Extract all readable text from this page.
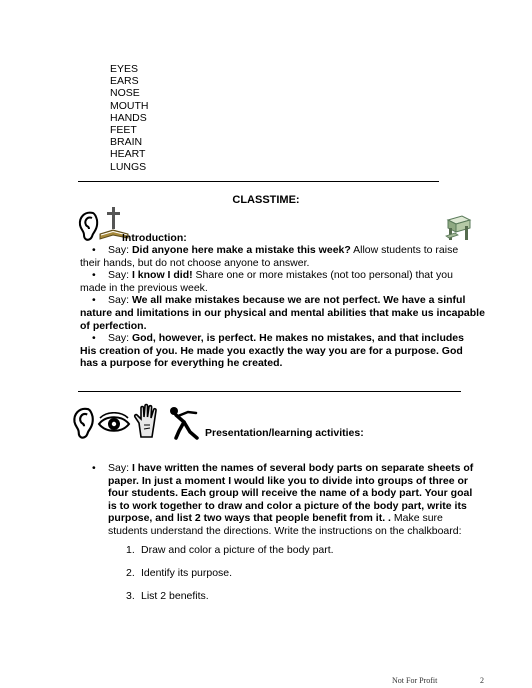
EYES
EARS
NOSE
MOUTH
HANDS
FEET
BRAIN
HEART
LUNGS
CLASSTIME:
Introduction:
• Say: Did anyone here make a mistake this week? Allow students to raise
their hands, but do not choose anyone to answer.
• Say: I know I did! Share one or more mistakes (not too personal) that you
made in the previous week.
• Say: We all make mistakes because we are not perfect. We have a sinful
nature and limitations in our physical and mental abilities that make us incapable
of perfection.
• Say: God, however, is perfect. He makes no mistakes, and that includes
His creation of you. He made you exactly the way you are for a purpose. God
has a purpose for everything he created.
Presentation/learning activities:
•	Say: I have written the names of several body parts on separate sheets of
paper. In just a moment I would like you to divide into groups of three or
four students. Each group will receive the name of a body part. Your goal
is to work together to draw and color a picture of the body part, write its
purpose, and list 2 two ways that people benefit from it. . Make sure
students understand the directions. Write the instructions on the chalkboard:
1. Draw and color a picture of the body part.
2. Identify its purpose.
3. List 2 benefits.
Not For Profit	2
